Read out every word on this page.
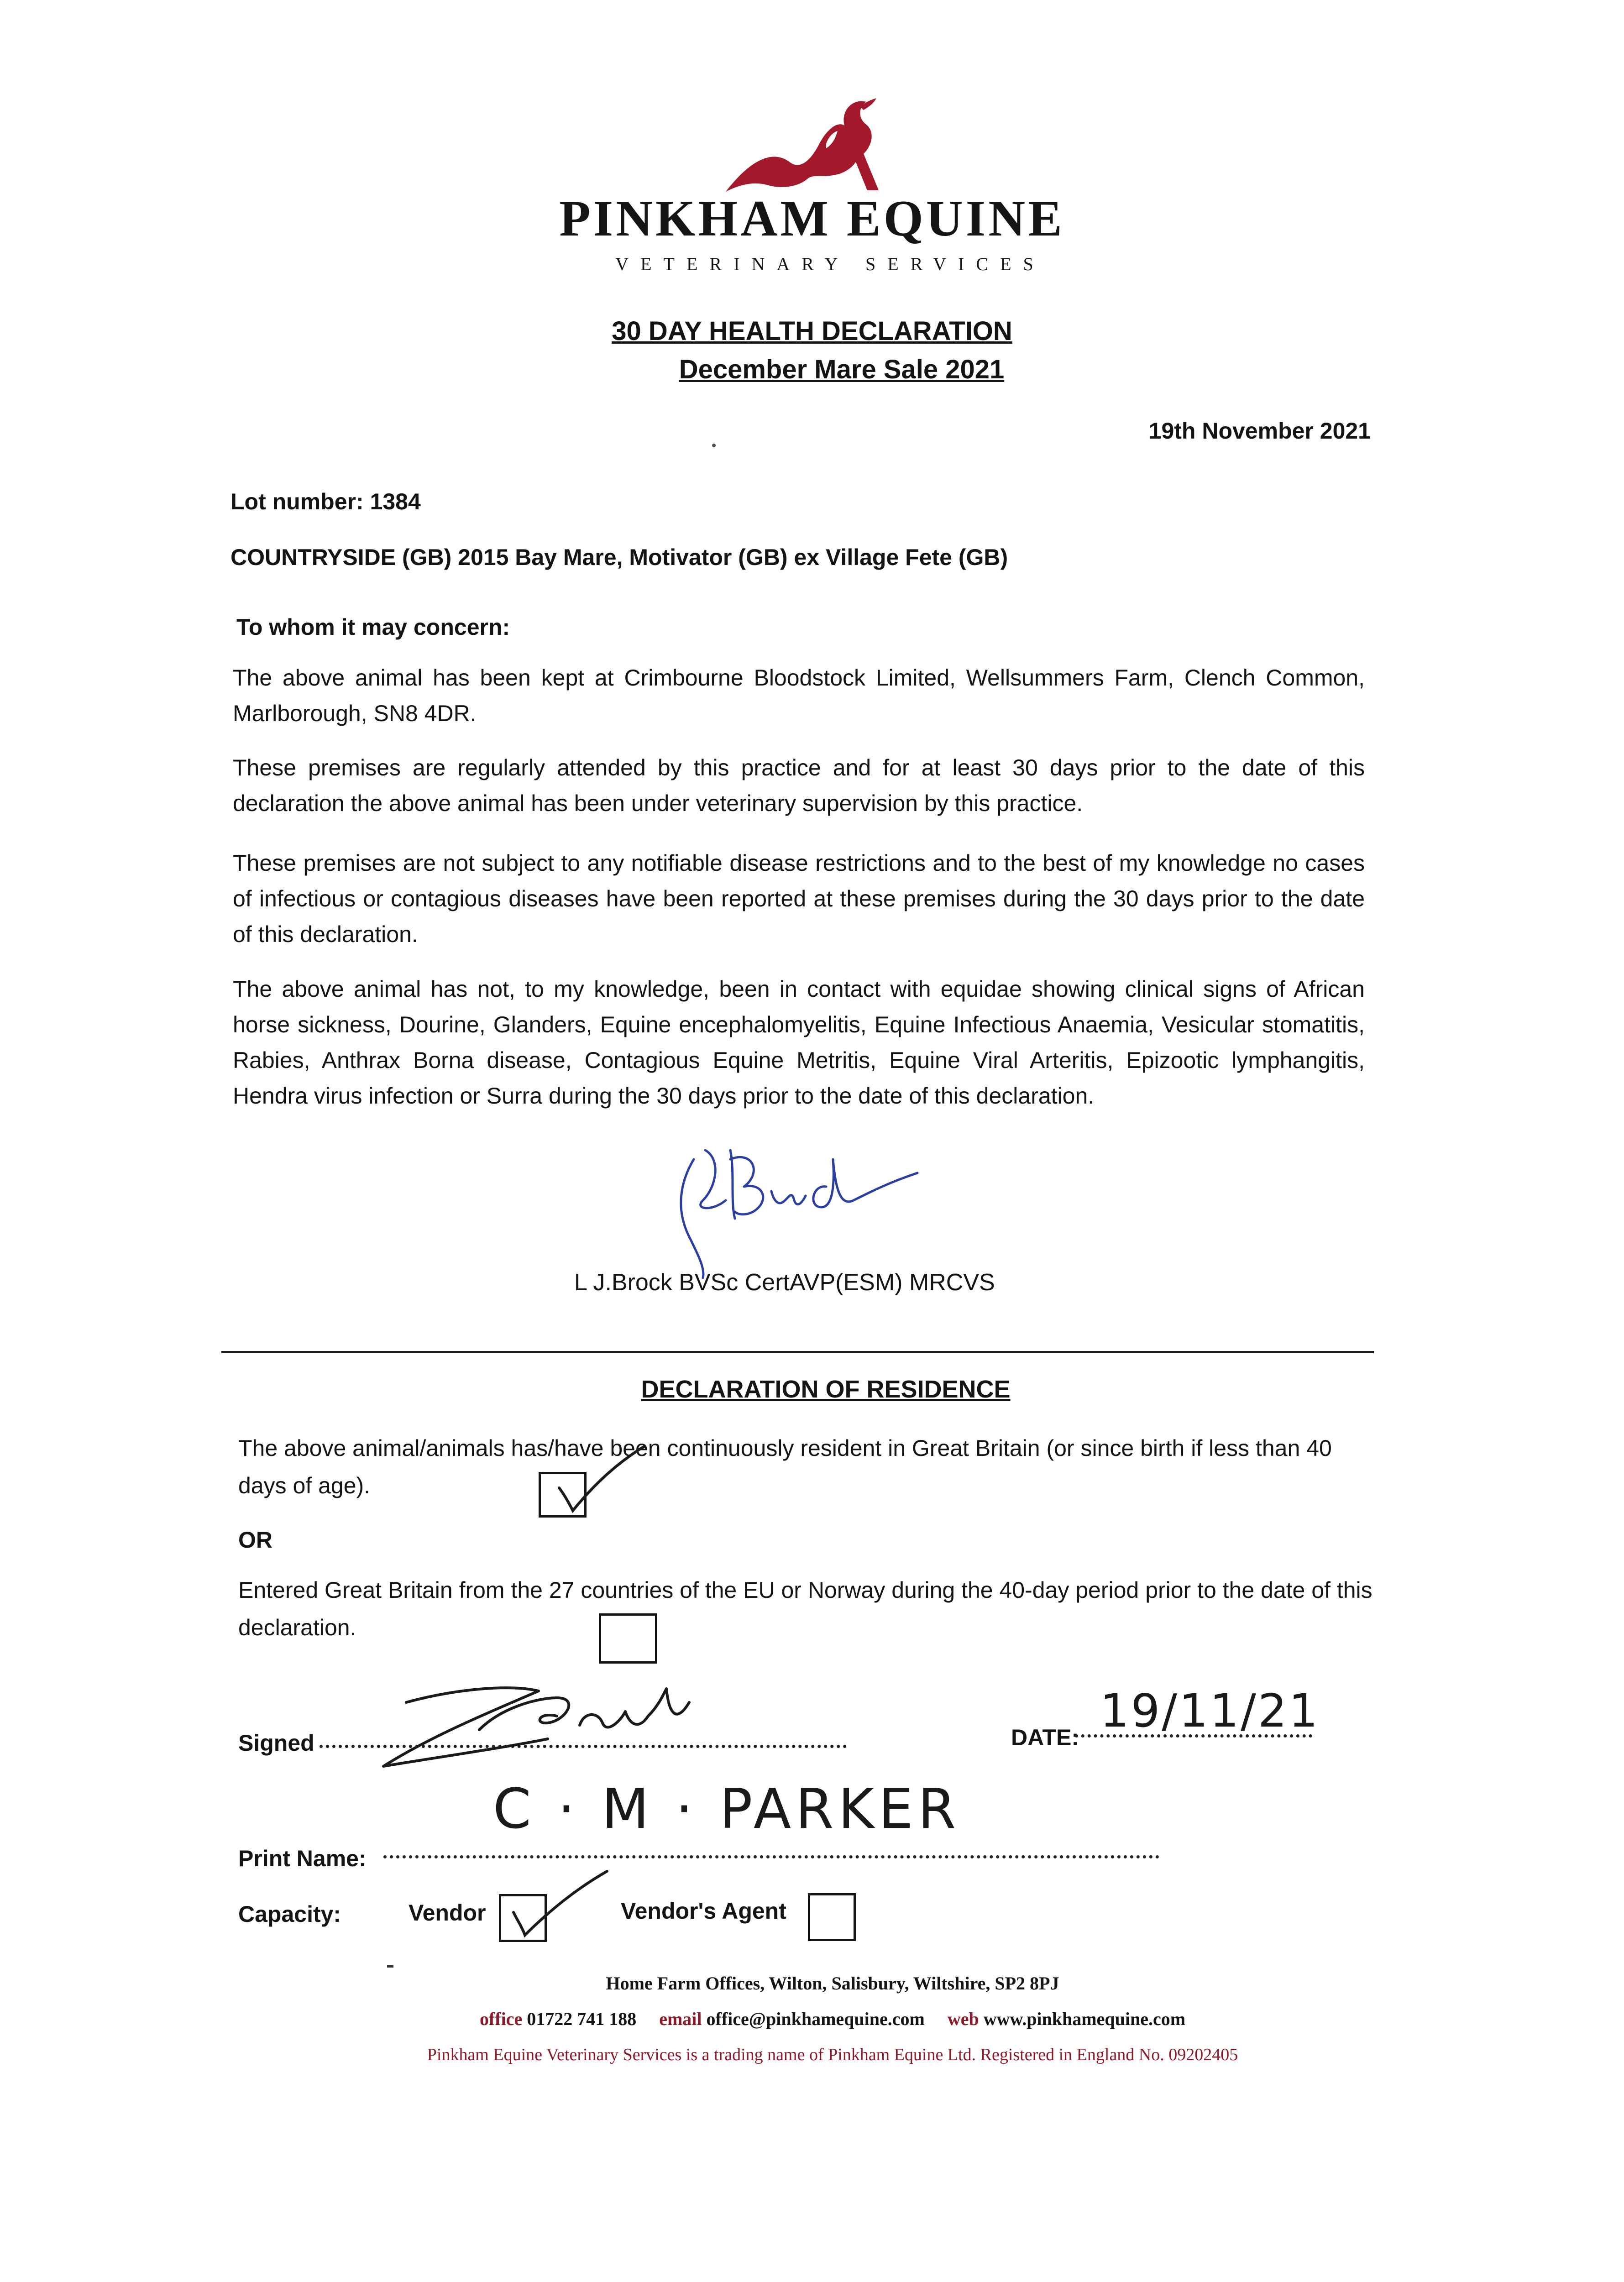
PINKHAM EQUINE
VETERINARY SERVICES
30 DAY HEALTH DECLARATION
December Mare Sale 2021
19th November 2021
Lot number: 1384
COUNTRYSIDE (GB) 2015 Bay Mare, Motivator (GB) ex Village Fete (GB)
To whom it may concern:
The above animal has been kept at Crimbourne Bloodstock Limited, Wellsummers Farm, Clench Common, Marlborough, SN8 4DR.
These premises are regularly attended by this practice and for at least 30 days prior to the date of this declaration the above animal has been under veterinary supervision by this practice.
These premises are not subject to any notifiable disease restrictions and to the best of my knowledge no cases of infectious or contagious diseases have been reported at these premises during the 30 days prior to the date of this declaration.
The above animal has not, to my knowledge, been in contact with equidae showing clinical signs of African horse sickness, Dourine, Glanders, Equine encephalomyelitis, Equine Infectious Anaemia, Vesicular stomatitis, Rabies, Anthrax Borna disease, Contagious Equine Metritis, Equine Viral Arteritis, Epizootic lymphangitis, Hendra virus infection or Surra during the 30 days prior to the date of this declaration.
L J.Brock BVSc CertAVP(ESM) MRCVS
DECLARATION OF RESIDENCE
The above animal/animals has/have been continuously resident in Great Britain (or since birth if less than 40 days of age).
OR
Entered Great Britain from the 27 countries of the EU or Norway during the 40-day period prior to the date of this declaration.
Signed	DATE: 19/11/21
Print Name:
C · M · PARKER
Capacity:	Vendor	Vendor's Agent
Home Farm Offices, Wilton, Salisbury, Wiltshire, SP2 8PJ
office 01722 741 188 email office@pinkhamequine.com web www.pinkhamequine.com
Pinkham Equine Veterinary Services is a trading name of Pinkham Equine Ltd. Registered in England No. 09202405
